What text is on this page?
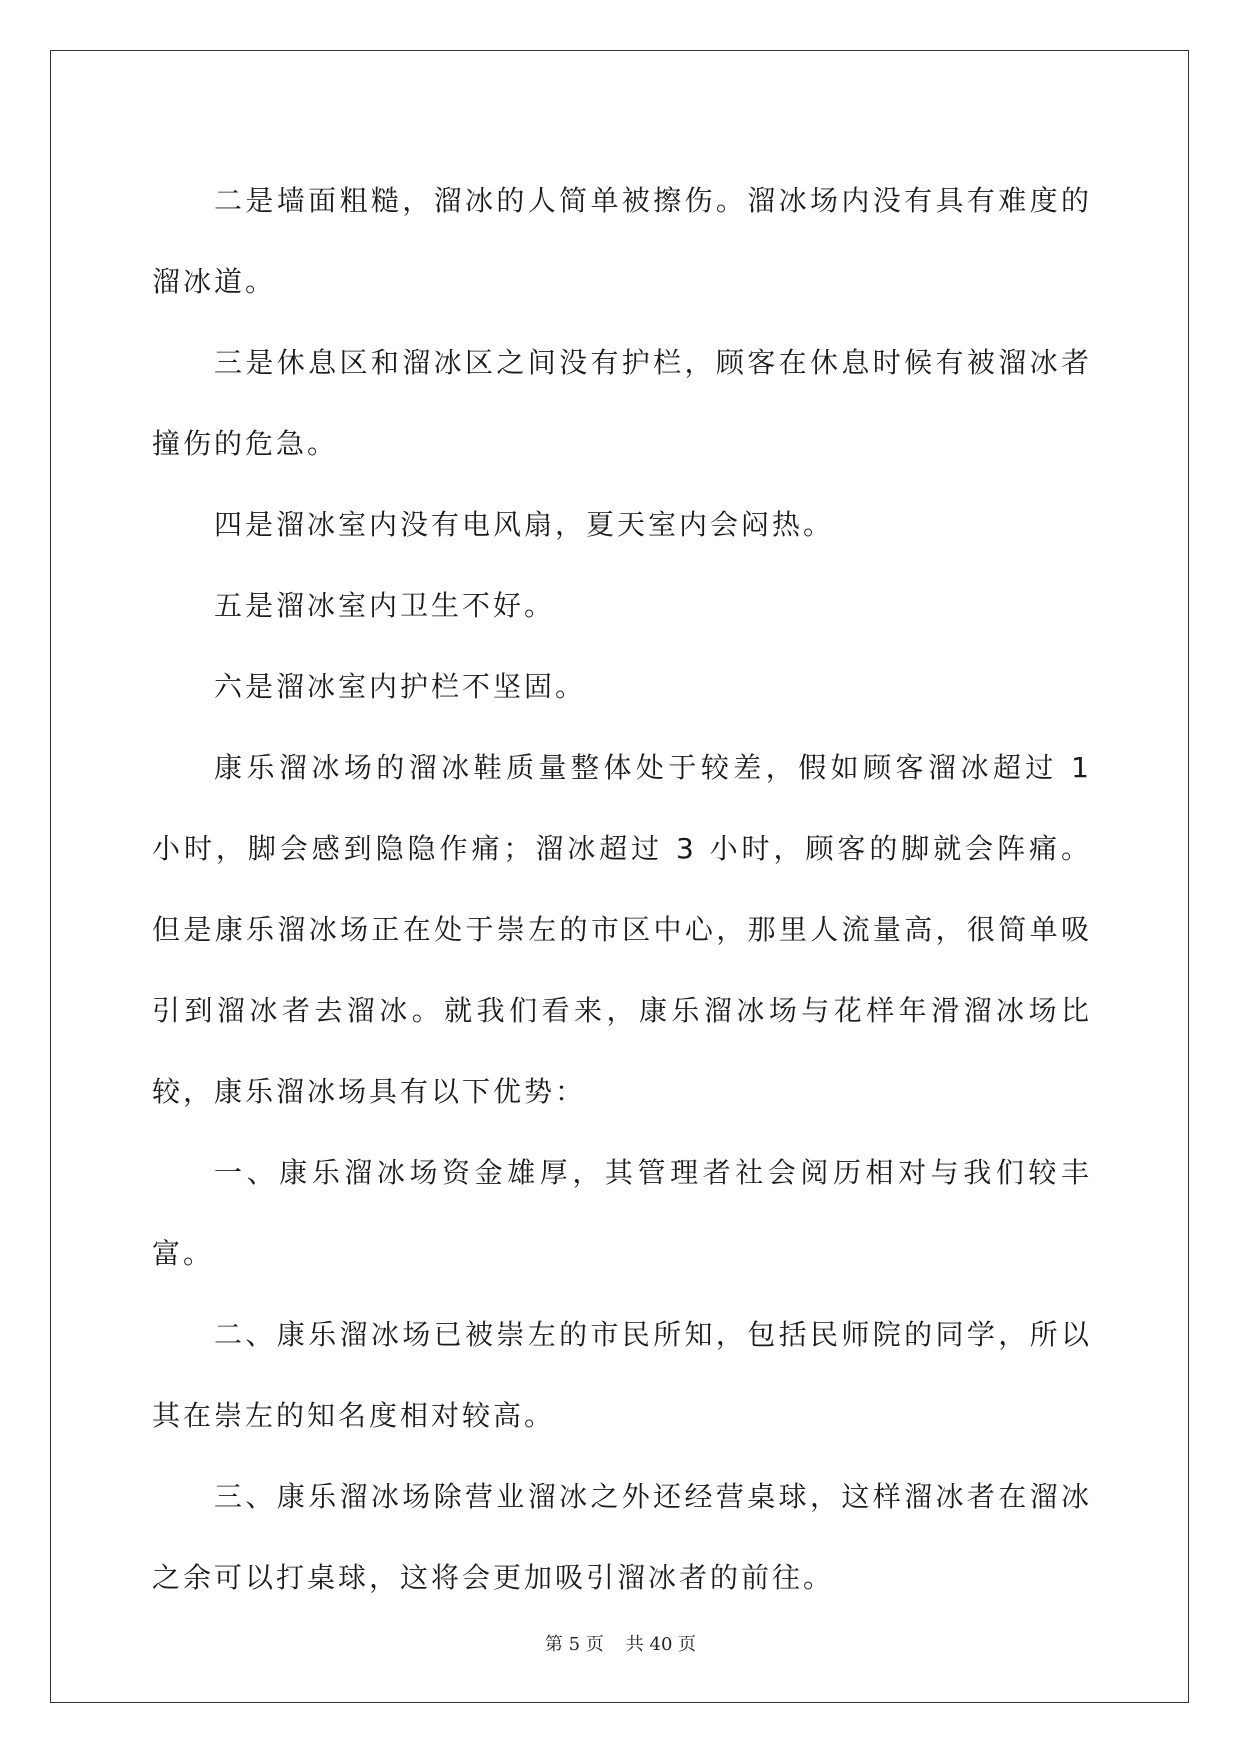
二是墙面粗糙，溜冰的人简单被擦伤。溜冰场内没有具有难度的溜冰道。

三是休息区和溜冰区之间没有护栏，顾客在休息时候有被溜冰者撞伤的危急。

四是溜冰室内没有电风扇，夏天室内会闷热。

五是溜冰室内卫生不好。

六是溜冰室内护栏不坚固。

康乐溜冰场的溜冰鞋质量整体处于较差，假如顾客溜冰超过 1 小时，脚会感到隐隐作痛；溜冰超过 3 小时，顾客的脚就会阵痛。但是康乐溜冰场正在处于崇左的市区中心，那里人流量高，很简单吸引到溜冰者去溜冰。就我们看来，康乐溜冰场与花样年滑溜冰场比较，康乐溜冰场具有以下优势：

一、康乐溜冰场资金雄厚，其管理者社会阅历相对与我们较丰富。

二、康乐溜冰场已被崇左的市民所知，包括民师院的同学，所以其在崇左的知名度相对较高。

三、康乐溜冰场除营业溜冰之外还经营桌球，这样溜冰者在溜冰之余可以打桌球，这将会更加吸引溜冰者的前往。

第 5 页 共 40 页
